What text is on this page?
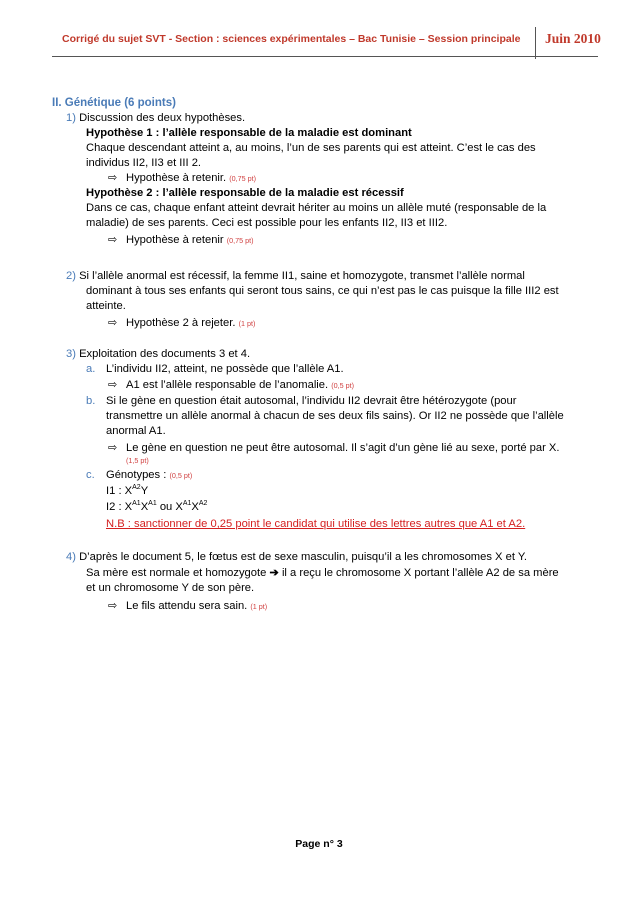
Corrigé du sujet SVT - Section : sciences expérimentales – Bac Tunisie – Session principale Juin 2010
II. Génétique (6 points)
1) Discussion des deux hypothèses.
Hypothèse 1 : l’allèle responsable de la maladie est dominant
Chaque descendant atteint a, au moins, l’un de ses parents qui est atteint. C’est le cas des
individus II2, II3 et III 2.
⇨ Hypothèse à retenir. (0,75 pt)
Hypothèse 2 : l’allèle responsable de la maladie est récessif
Dans ce cas, chaque enfant atteint devrait hériter au moins un allèle muté (responsable de la
maladie) de ses parents. Ceci est possible pour les enfants II2, II3 et III2.
⇨ Hypothèse à retenir (0,75 pt)
2) Si l’allèle anormal est récessif, la femme II1, saine et homozygote, transmet l’allèle normal
dominant à tous ses enfants qui seront tous sains, ce qui n’est pas le cas puisque la fille III2 est
atteinte.
⇨ Hypothèse 2 à rejeter. (1 pt)
3) Exploitation des documents 3 et 4.
a. L’individu II2, atteint, ne possède que l’allèle A1.
⇨ A1 est l’allèle responsable de l’anomalie. (0,5 pt)
b. Si le gène en question était autosomal, l’individu II2 devrait être hétérozygote (pour
transmettre un allèle anormal à chacun de ses deux fils sains). Or II2 ne possède que l’allèle
anormal A1.
⇨ Le gène en question ne peut être autosomal. Il s’agit d’un gène lié au sexe, porté par X.
(1,5 pt)
c. Génotypes : (0,5 pt)
I1 : $X^{A2}Y$
I2 : $X^{A1}X^{A1}$ ou $X^{A1}X^{A2}$
N.B : sanctionner de 0,25 point le candidat qui utilise des lettres autres que A1 et A2.
4) D’après le document 5, le fœtus est de sexe masculin, puisqu’il a les chromosomes X et Y.
Sa mère est normale et homozygote ➔ il a reçu le chromosome X portant l’allèle A2 de sa mère
et un chromosome Y de son père.
⇨ Le fils attendu sera sain. (1 pt)
Page n° 3
